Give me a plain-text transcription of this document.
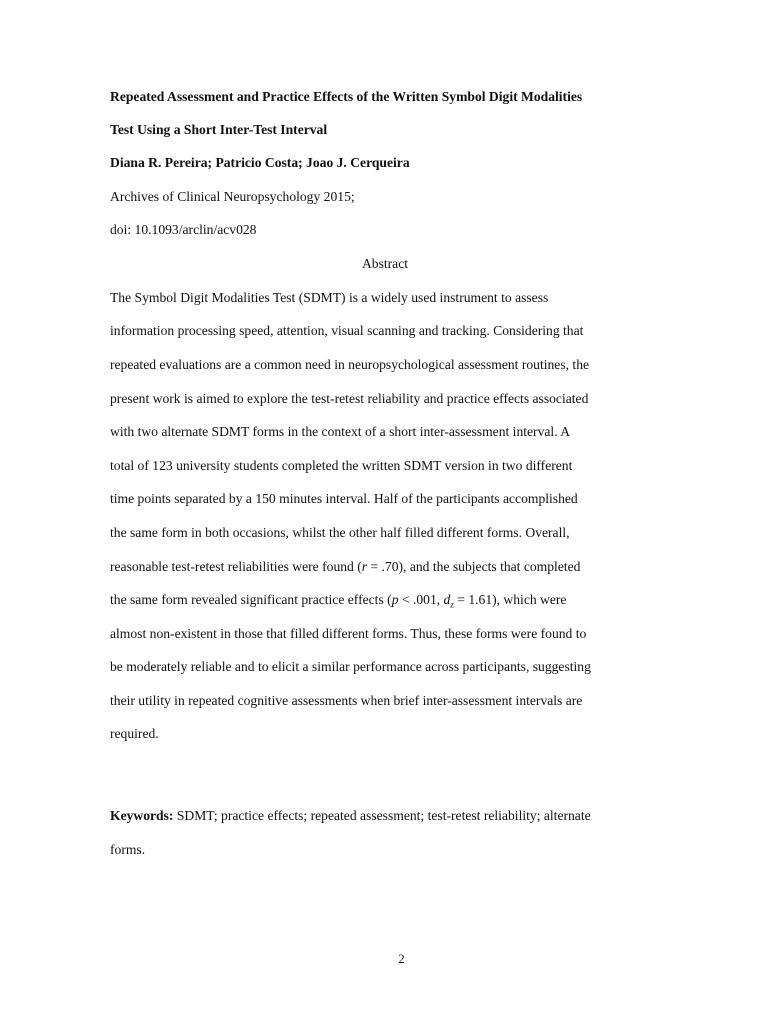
Repeated Assessment and Practice Effects of the Written Symbol Digit Modalities
Test Using a Short Inter-Test Interval
Diana R. Pereira; Patricio Costa; Joao J. Cerqueira
Archives of Clinical Neuropsychology 2015;
doi: 10.1093/arclin/acv028
Abstract
The Symbol Digit Modalities Test (SDMT) is a widely used instrument to assess
information processing speed, attention, visual scanning and tracking. Considering that
repeated evaluations are a common need in neuropsychological assessment routines, the
present work is aimed to explore the test-retest reliability and practice effects associated
with two alternate SDMT forms in the context of a short inter-assessment interval. A
total of 123 university students completed the written SDMT version in two different
time points separated by a 150 minutes interval. Half of the participants accomplished
the same form in both occasions, whilst the other half filled different forms. Overall,
reasonable test-retest reliabilities were found (r = .70), and the subjects that completed
the same form revealed significant practice effects (p < .001, $d_z = 1.61$), which were
almost non-existent in those that filled different forms. Thus, these forms were found to
be moderately reliable and to elicit a similar performance across participants, suggesting
their utility in repeated cognitive assessments when brief inter-assessment intervals are
required.
Keywords: SDMT; practice effects; repeated assessment; test-retest reliability; alternate
forms.
2
